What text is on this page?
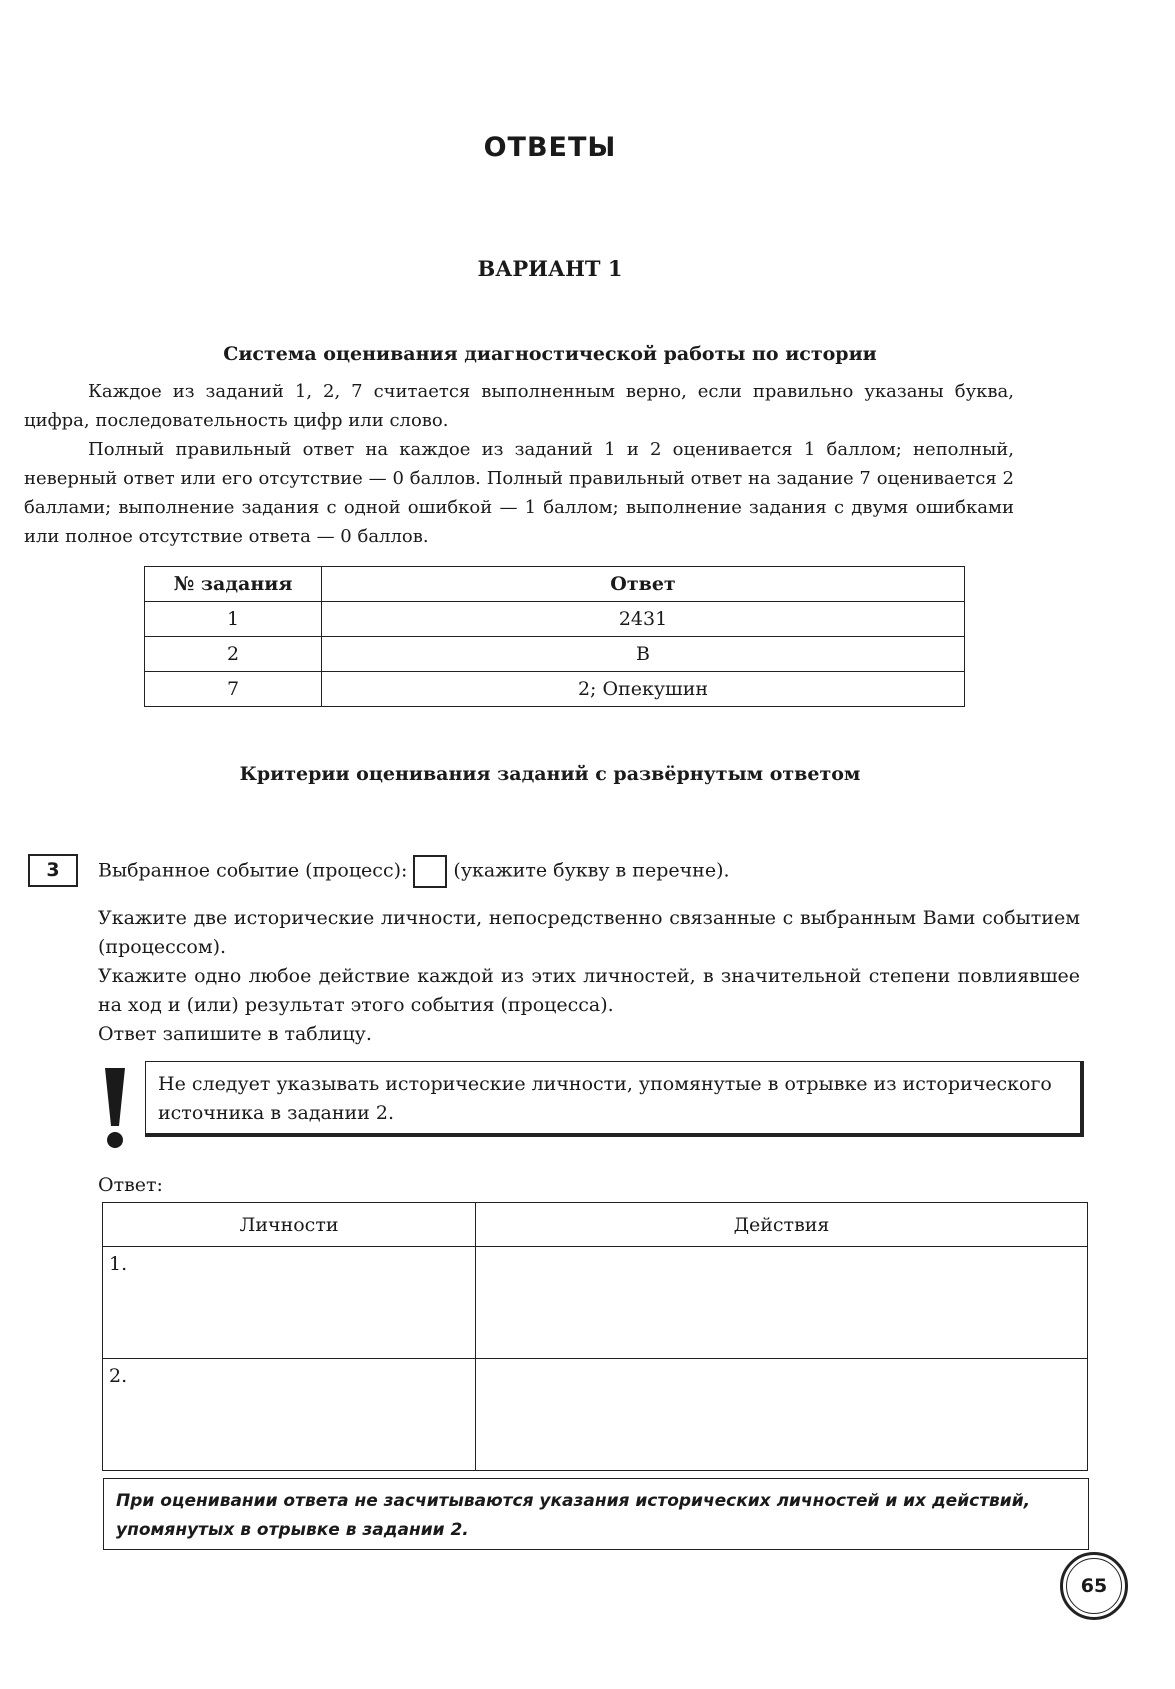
ОТВЕТЫ
ВАРИАНТ 1
Система оценивания диагностической работы по истории

Каждое из заданий 1, 2, 7 считается выполненным верно, если правильно указаны буква, цифра, последовательность цифр или слово.

Полный правильный ответ на каждое из заданий 1 и 2 оценивается 1 баллом; неполный, неверный ответ или его отсутствие — 0 баллов. Полный правильный ответ на задание 7 оценивается 2 баллами; выполнение задания с одной ошибкой — 1 баллом; выполнение задания с двумя ошибками или полное отсутствие ответа — 0 баллов.

№ задания	Ответ
1	2431
2	В
7	2; Опекушин
Критерии оценивания заданий с развёрнутым ответом
3	Выбранное событие (процесс): (укажите букву в перечне).
Укажите две исторические личности, непосредственно связанные с выбранным Вами событием (процессом).
Укажите одно любое действие каждой из этих личностей, в значительной степени повлиявшее на ход и (или) результат этого события (процесса).
Ответ запишите в таблицу.
Не следует указывать исторические личности, упомянутые в отрывке из исторического источника в задании 2.
Ответ:
Личности	Действия
1.	
2.	
При оценивании ответа не засчитываются указания исторических личностей и их действий, упомянутых в отрывке в задании 2.
65
